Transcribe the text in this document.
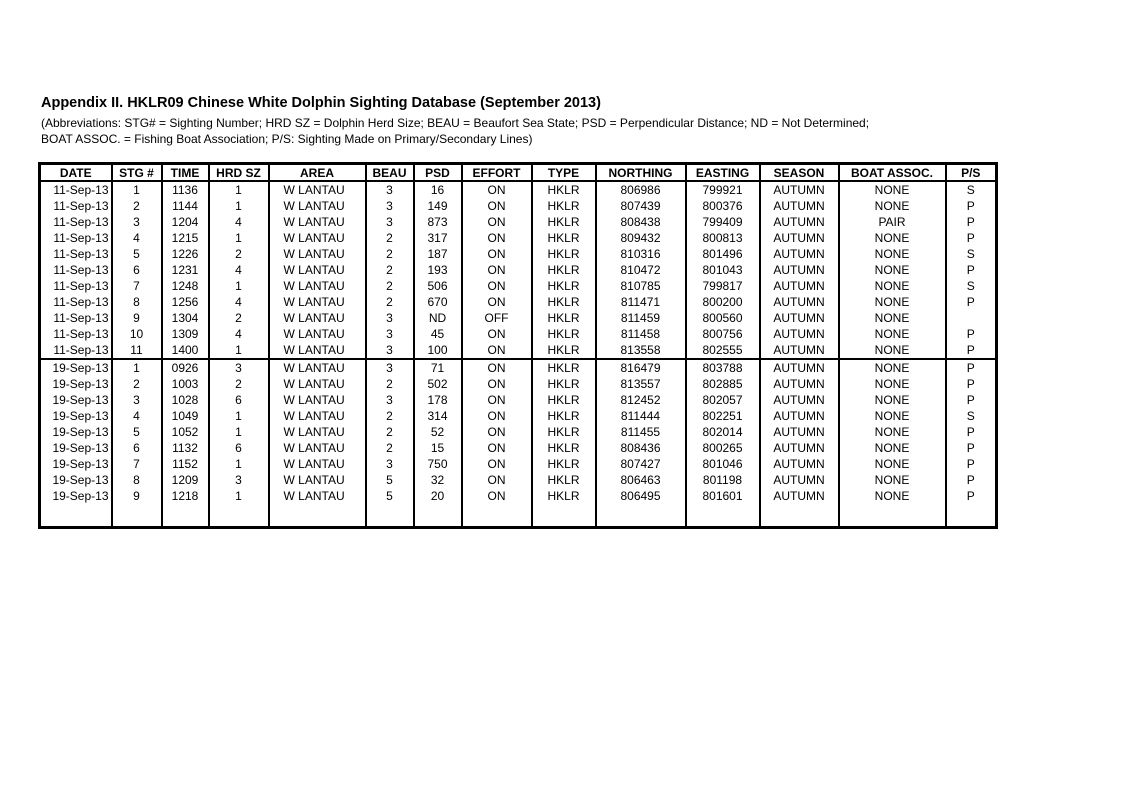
Appendix II. HKLR09 Chinese White Dolphin Sighting Database (September 2013)
(Abbreviations: STG# = Sighting Number; HRD SZ = Dolphin Herd Size; BEAU = Beaufort Sea State; PSD = Perpendicular Distance; ND = Not Determined;
BOAT ASSOC. = Fishing Boat Association; P/S: Sighting Made on Primary/Secondary Lines)
DATE	STG #	TIME	HRD SZ	AREA	BEAU	PSD	EFFORT	TYPE	NORTHING	EASTING	SEASON	BOAT ASSOC.	P/S
11-Sep-13	1	1136	1	W LANTAU	3	16	ON	HKLR	806986	799921	AUTUMN	NONE	S
11-Sep-13	2	1144	1	W LANTAU	3	149	ON	HKLR	807439	800376	AUTUMN	NONE	P
11-Sep-13	3	1204	4	W LANTAU	3	873	ON	HKLR	808438	799409	AUTUMN	PAIR	P
11-Sep-13	4	1215	1	W LANTAU	2	317	ON	HKLR	809432	800813	AUTUMN	NONE	P
11-Sep-13	5	1226	2	W LANTAU	2	187	ON	HKLR	810316	801496	AUTUMN	NONE	S
11-Sep-13	6	1231	4	W LANTAU	2	193	ON	HKLR	810472	801043	AUTUMN	NONE	P
11-Sep-13	7	1248	1	W LANTAU	2	506	ON	HKLR	810785	799817	AUTUMN	NONE	S
11-Sep-13	8	1256	4	W LANTAU	2	670	ON	HKLR	811471	800200	AUTUMN	NONE	P
11-Sep-13	9	1304	2	W LANTAU	3	ND	OFF	HKLR	811459	800560	AUTUMN	NONE	
11-Sep-13	10	1309	4	W LANTAU	3	45	ON	HKLR	811458	800756	AUTUMN	NONE	P
11-Sep-13	11	1400	1	W LANTAU	3	100	ON	HKLR	813558	802555	AUTUMN	NONE	P
19-Sep-13	1	0926	3	W LANTAU	3	71	ON	HKLR	816479	803788	AUTUMN	NONE	P
19-Sep-13	2	1003	2	W LANTAU	2	502	ON	HKLR	813557	802885	AUTUMN	NONE	P
19-Sep-13	3	1028	6	W LANTAU	3	178	ON	HKLR	812452	802057	AUTUMN	NONE	P
19-Sep-13	4	1049	1	W LANTAU	2	314	ON	HKLR	811444	802251	AUTUMN	NONE	S
19-Sep-13	5	1052	1	W LANTAU	2	52	ON	HKLR	811455	802014	AUTUMN	NONE	P
19-Sep-13	6	1132	6	W LANTAU	2	15	ON	HKLR	808436	800265	AUTUMN	NONE	P
19-Sep-13	7	1152	1	W LANTAU	3	750	ON	HKLR	807427	801046	AUTUMN	NONE	P
19-Sep-13	8	1209	3	W LANTAU	5	32	ON	HKLR	806463	801198	AUTUMN	NONE	P
19-Sep-13	9	1218	1	W LANTAU	5	20	ON	HKLR	806495	801601	AUTUMN	NONE	P
